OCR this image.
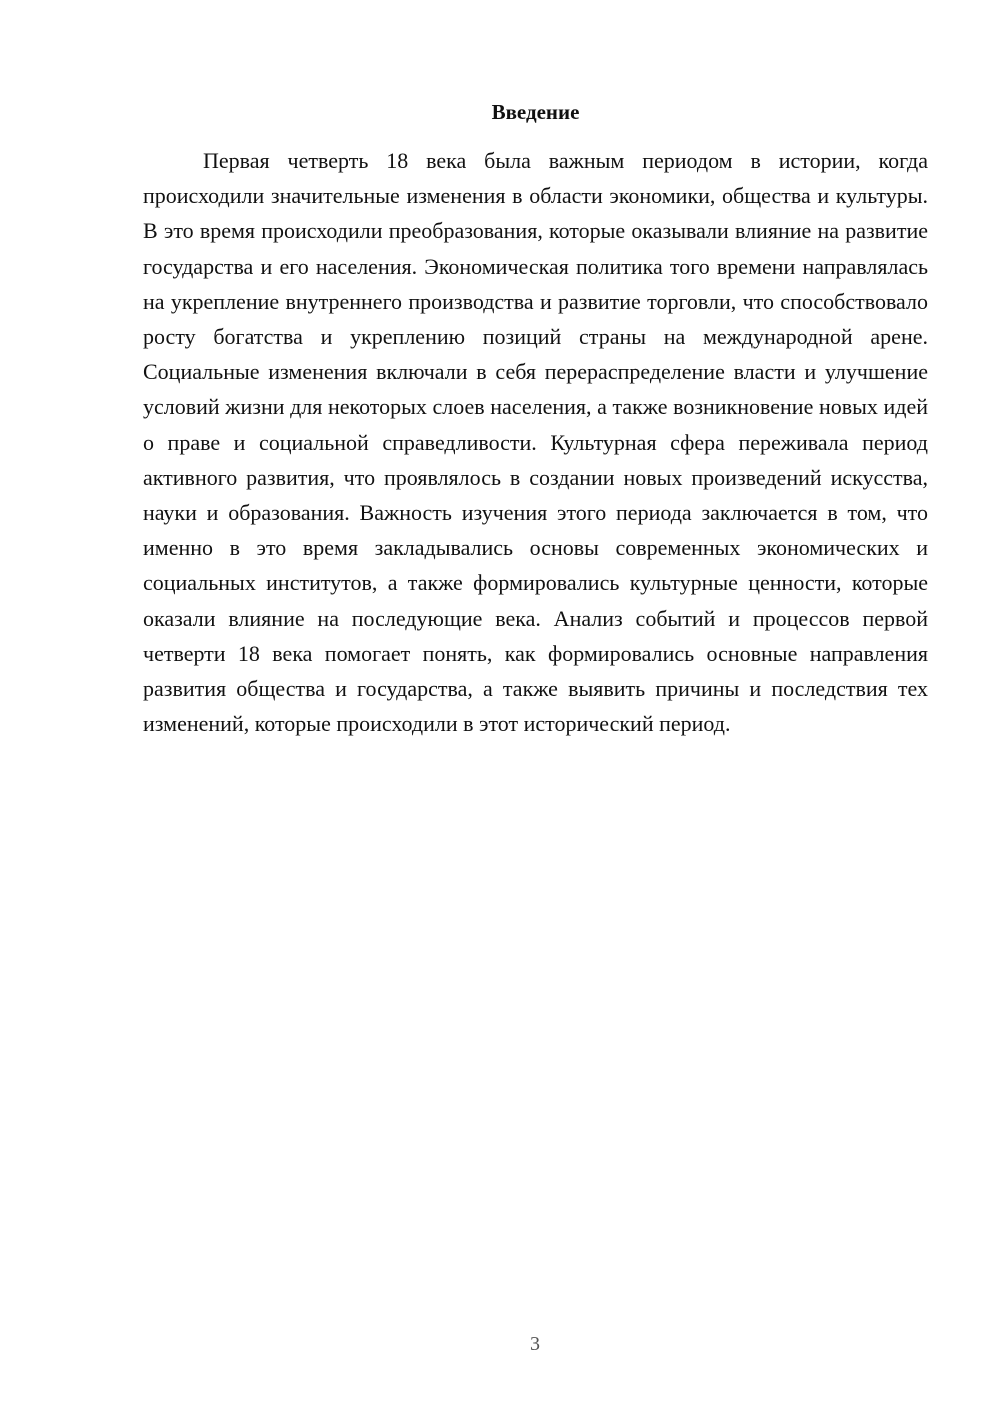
Введение

Первая четверть 18 века была важным периодом в истории, когда происходили значительные изменения в области экономики, общества и культуры. В это время происходили преобразования, которые оказывали влияние на развитие государства и его населения. Экономическая политика того времени направлялась на укрепление внутреннего производства и развитие торговли, что способствовало росту богатства и укреплению позиций страны на международной арене. Социальные изменения включали в себя перераспределение власти и улучшение условий жизни для некоторых слоев населения, а также возникновение новых идей о праве и социальной справедливости. Культурная сфера переживала период активного развития, что проявлялось в создании новых произведений искусства, науки и образования. Важность изучения этого периода заключается в том, что именно в это время закладывались основы современных экономических и социальных институтов, а также формировались культурные ценности, которые оказали влияние на последующие века. Анализ событий и процессов первой четверти 18 века помогает понять, как формировались основные направления развития общества и государства, а также выявить причины и последствия тех изменений, которые происходили в этот исторический период.

3
